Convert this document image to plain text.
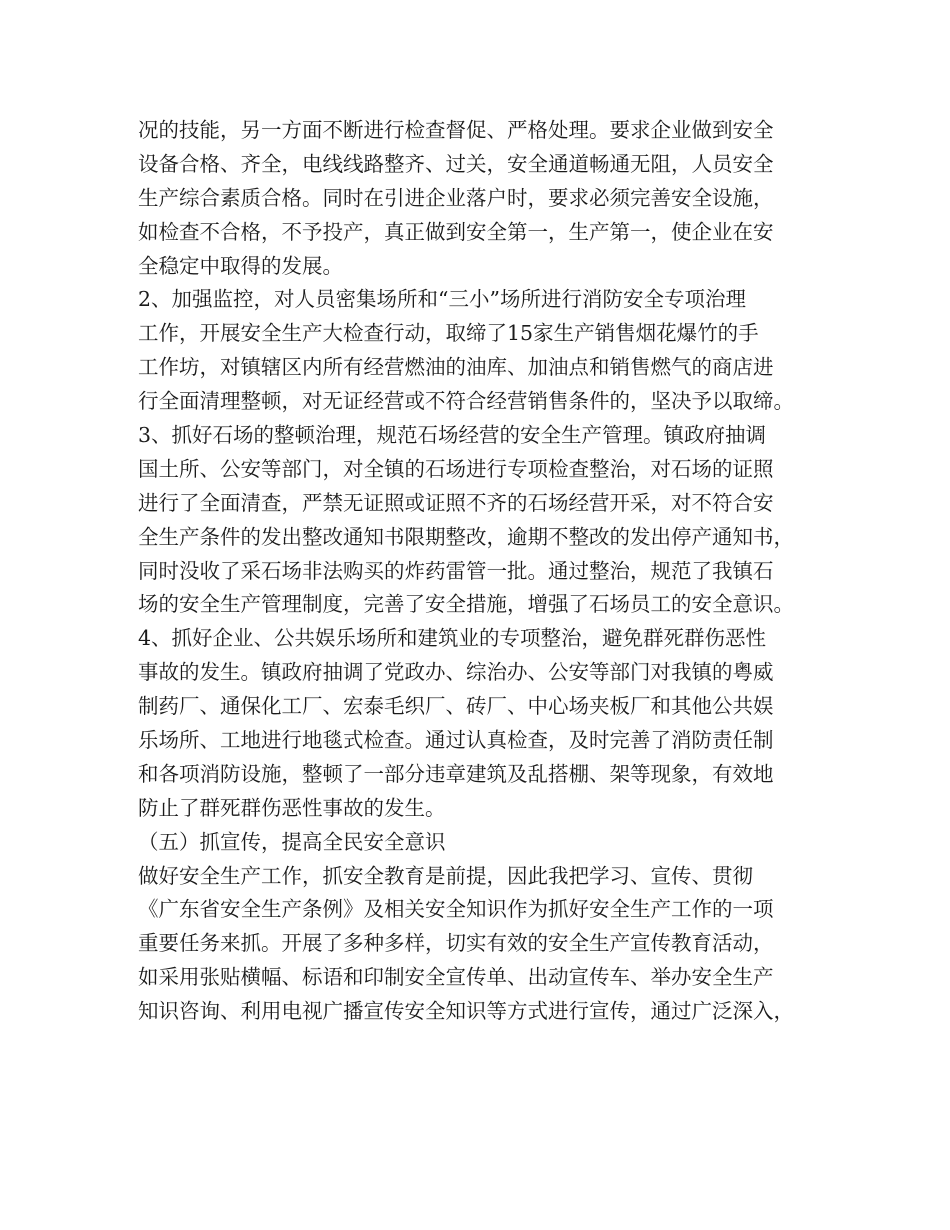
况的技能，另一方面不断进行检查督促、严格处理。要求企业做到安全
设备合格、齐全，电线线路整齐、过关，安全通道畅通无阻，人员安全
生产综合素质合格。同时在引进企业落户时，要求必须完善安全设施，
如检查不合格，不予投产，真正做到安全第一，生产第一，使企业在安
全稳定中取得的发展。
2、加强监控，对人员密集场所和“三小”场所进行消防安全专项治理
工作，开展安全生产大检查行动，取缔了15家生产销售烟花爆竹的手
工作坊，对镇辖区内所有经营燃油的油库、加油点和销售燃气的商店进
行全面清理整顿，对无证经营或不符合经营销售条件的，坚决予以取缔。
3、抓好石场的整顿治理，规范石场经营的安全生产管理。镇政府抽调
国土所、公安等部门，对全镇的石场进行专项检查整治，对石场的证照
进行了全面清查，严禁无证照或证照不齐的石场经营开采，对不符合安
全生产条件的发出整改通知书限期整改，逾期不整改的发出停产通知书，
同时没收了采石场非法购买的炸药雷管一批。通过整治，规范了我镇石
场的安全生产管理制度，完善了安全措施，增强了石场员工的安全意识。
4、抓好企业、公共娱乐场所和建筑业的专项整治，避免群死群伤恶性
事故的发生。镇政府抽调了党政办、综治办、公安等部门对我镇的粤威
制药厂、通保化工厂、宏泰毛织厂、砖厂、中心场夹板厂和其他公共娱
乐场所、工地进行地毯式检查。通过认真检查，及时完善了消防责任制
和各项消防设施，整顿了一部分违章建筑及乱搭棚、架等现象，有效地
防止了群死群伤恶性事故的发生。
（五）抓宣传，提高全民安全意识
做好安全生产工作，抓安全教育是前提，因此我把学习、宣传、贯彻
《广东省安全生产条例》及相关安全知识作为抓好安全生产工作的一项
重要任务来抓。开展了多种多样，切实有效的安全生产宣传教育活动，
如采用张贴横幅、标语和印制安全宣传单、出动宣传车、举办安全生产
知识咨询、利用电视广播宣传安全知识等方式进行宣传，通过广泛深入，
